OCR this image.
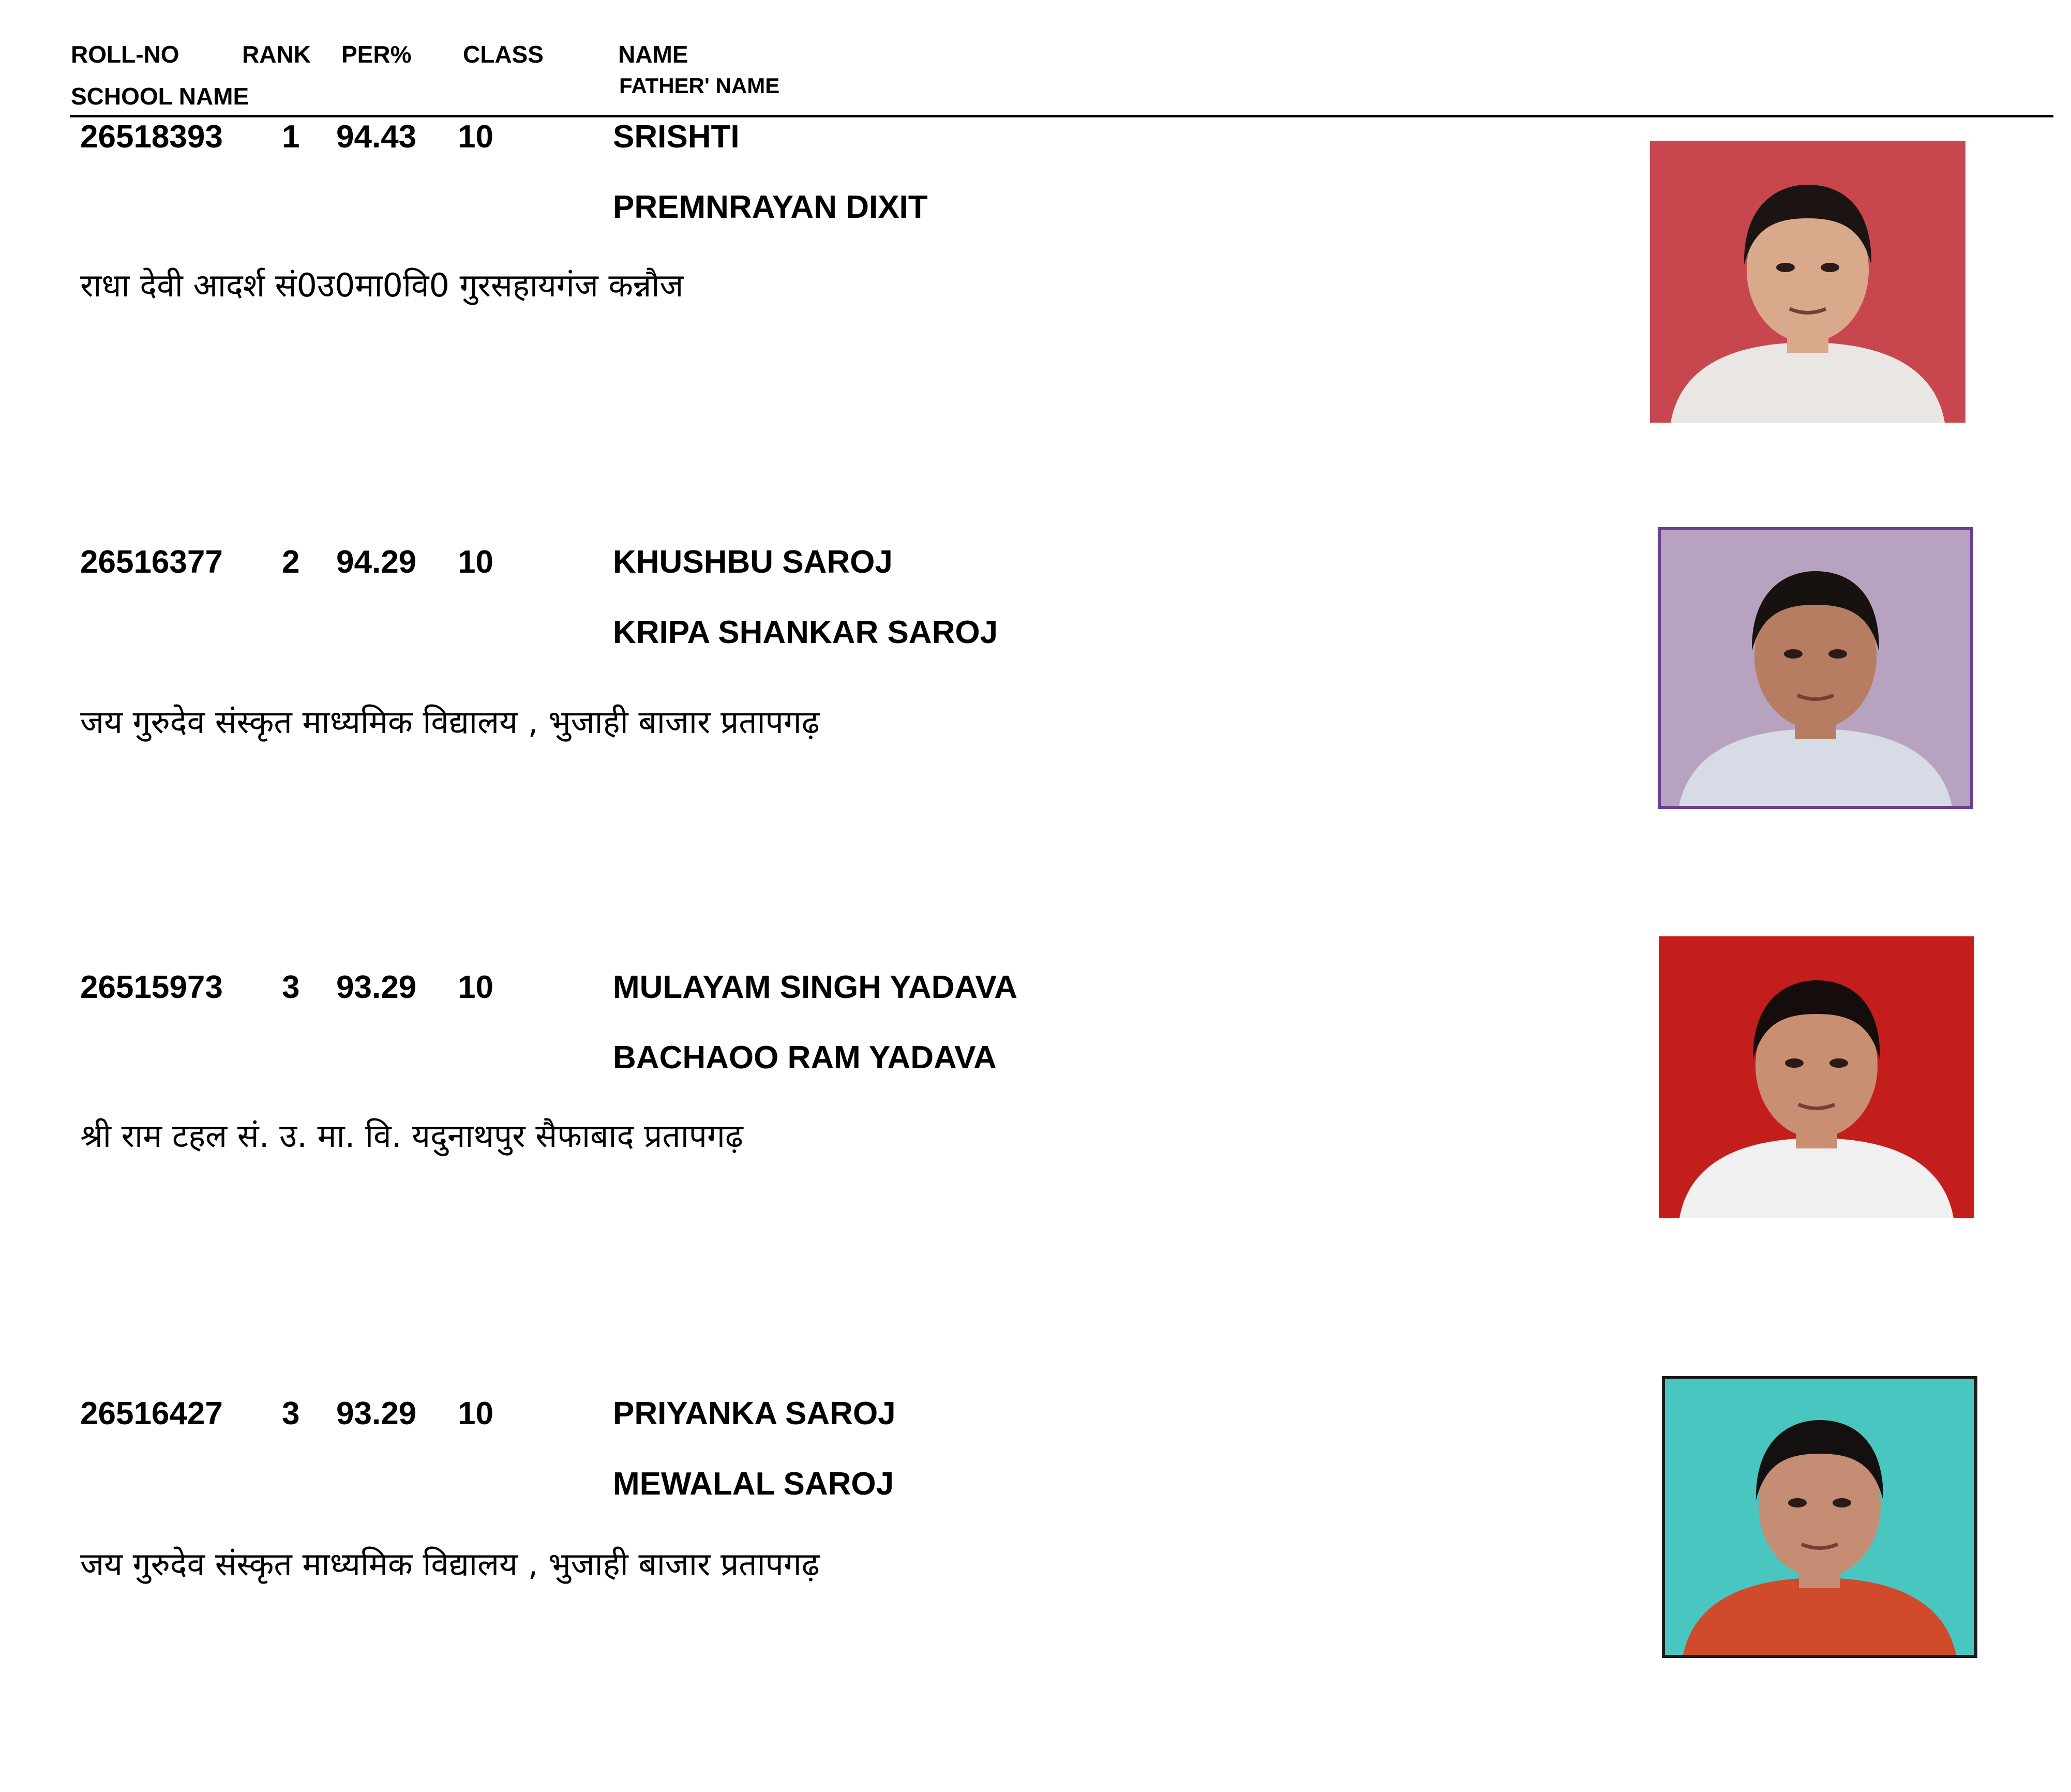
ROLL-NO	RANK PER% CLASS	NAME
SCHOOL NAME	FATHER' NAME
26518393 1 94.43 10	SRISHTI
PREMNRAYAN DIXIT
राधा देवी आदर्श सं0उ0मा0वि0 गुरसहायगंज कन्नौज
26516377 2 94.29 10	KHUSHBU SAROJ
KRIPA SHANKAR SAROJ
जय गुरुदेव संस्कृत माध्यमिक विद्यालय , भुजाही बाजार प्रतापगढ़
26515973 3 93.29 10	MULAYAM SINGH YADAVA
BACHAOO RAM YADAVA
श्री राम टहल सं. उ. मा. वि. यदुनाथपुर सैफाबाद प्रतापगढ़
26516427 3 93.29 10	PRIYANKA SAROJ
MEWALAL SAROJ
जय गुरुदेव संस्कृत माध्यमिक विद्यालय , भुजाही बाजार प्रतापगढ़
